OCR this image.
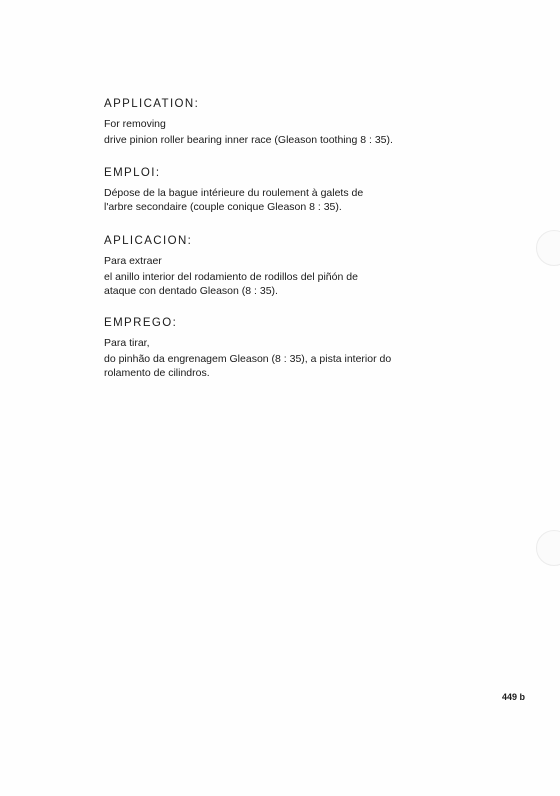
APPLICATION:

For removing

drive pinion roller bearing inner race (Gleason toothing 8 : 35).

EMPLOI:

Dépose de la bague intérieure du roulement à galets de

l'arbre secondaire (couple conique Gleason 8 : 35).

APLICACION:

Para extraer

el anillo interior del rodamiento de rodillos del piñón de

ataque con dentado Gleason (8 : 35).

EMPREGO:

Para tirar,

do pinhão da engrenagem Gleason (8 : 35), a pista interior do

rolamento de cilindros.

449 b
